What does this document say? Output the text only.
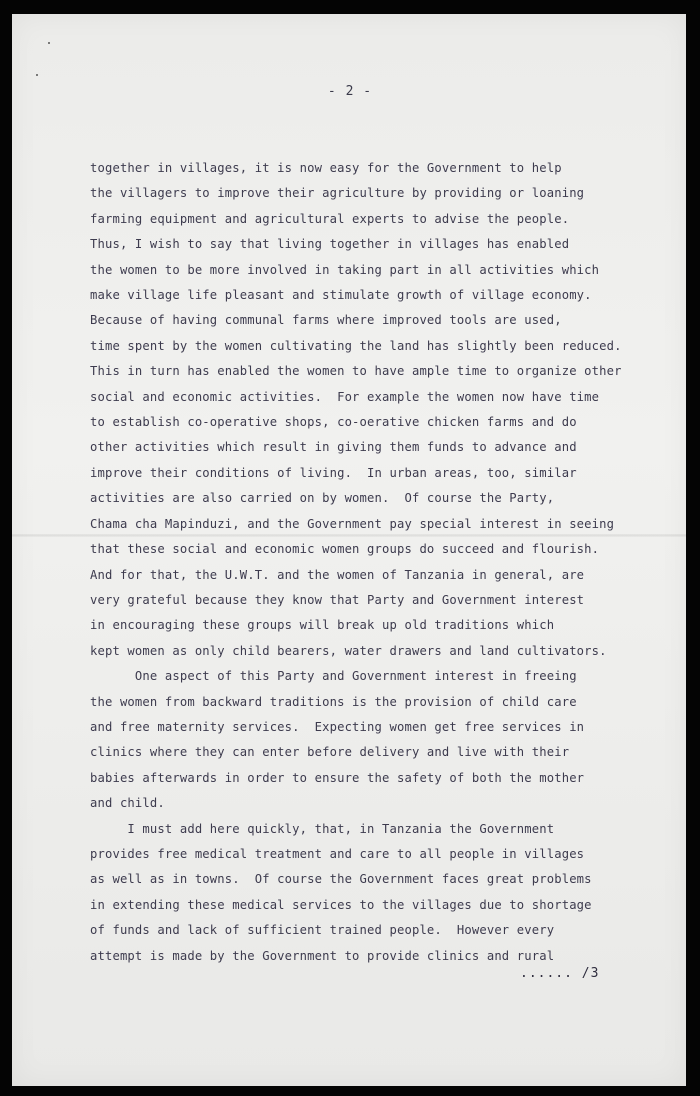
- 2 -
together in villages, it is now easy for the Government to help
the villagers to improve their agriculture by providing or loaning
farming equipment and agricultural experts to advise the people.
Thus, I wish to say that living together in villages has enabled
the women to be more involved in taking part in all activities which
make village life pleasant and stimulate growth of village economy.
Because of having communal farms where improved tools are used,
time spent by the women cultivating the land has slightly been reduced.
This in turn has enabled the women to have ample time to organize other
social and economic activities.  For example the women now have time
to establish co-operative shops, co-oerative chicken farms and do
other activities which result in giving them funds to advance and
improve their conditions of living.  In urban areas, too, similar
activities are also carried on by women.  Of course the Party,
Chama cha Mapinduzi, and the Government pay special interest in seeing
that these social and economic women groups do succeed and flourish.
And for that, the U.W.T. and the women of Tanzania in general, are
very grateful because they know that Party and Government interest
in encouraging these groups will break up old traditions which
kept women as only child bearers, water drawers and land cultivators.
One aspect of this Party and Government interest in freeing
the women from backward traditions is the provision of child care
and free maternity services.  Expecting women get free services in
clinics where they can enter before delivery and live with their
babies afterwards in order to ensure the safety of both the mother
and child.
I must add here quickly, that, in Tanzania the Government
provides free medical treatment and care to all people in villages
as well as in towns.  Of course the Government faces great problems
in extending these medical services to the villages due to shortage
of funds and lack of sufficient trained people.  However every
attempt is made by the Government to provide clinics and rural
...... /3
